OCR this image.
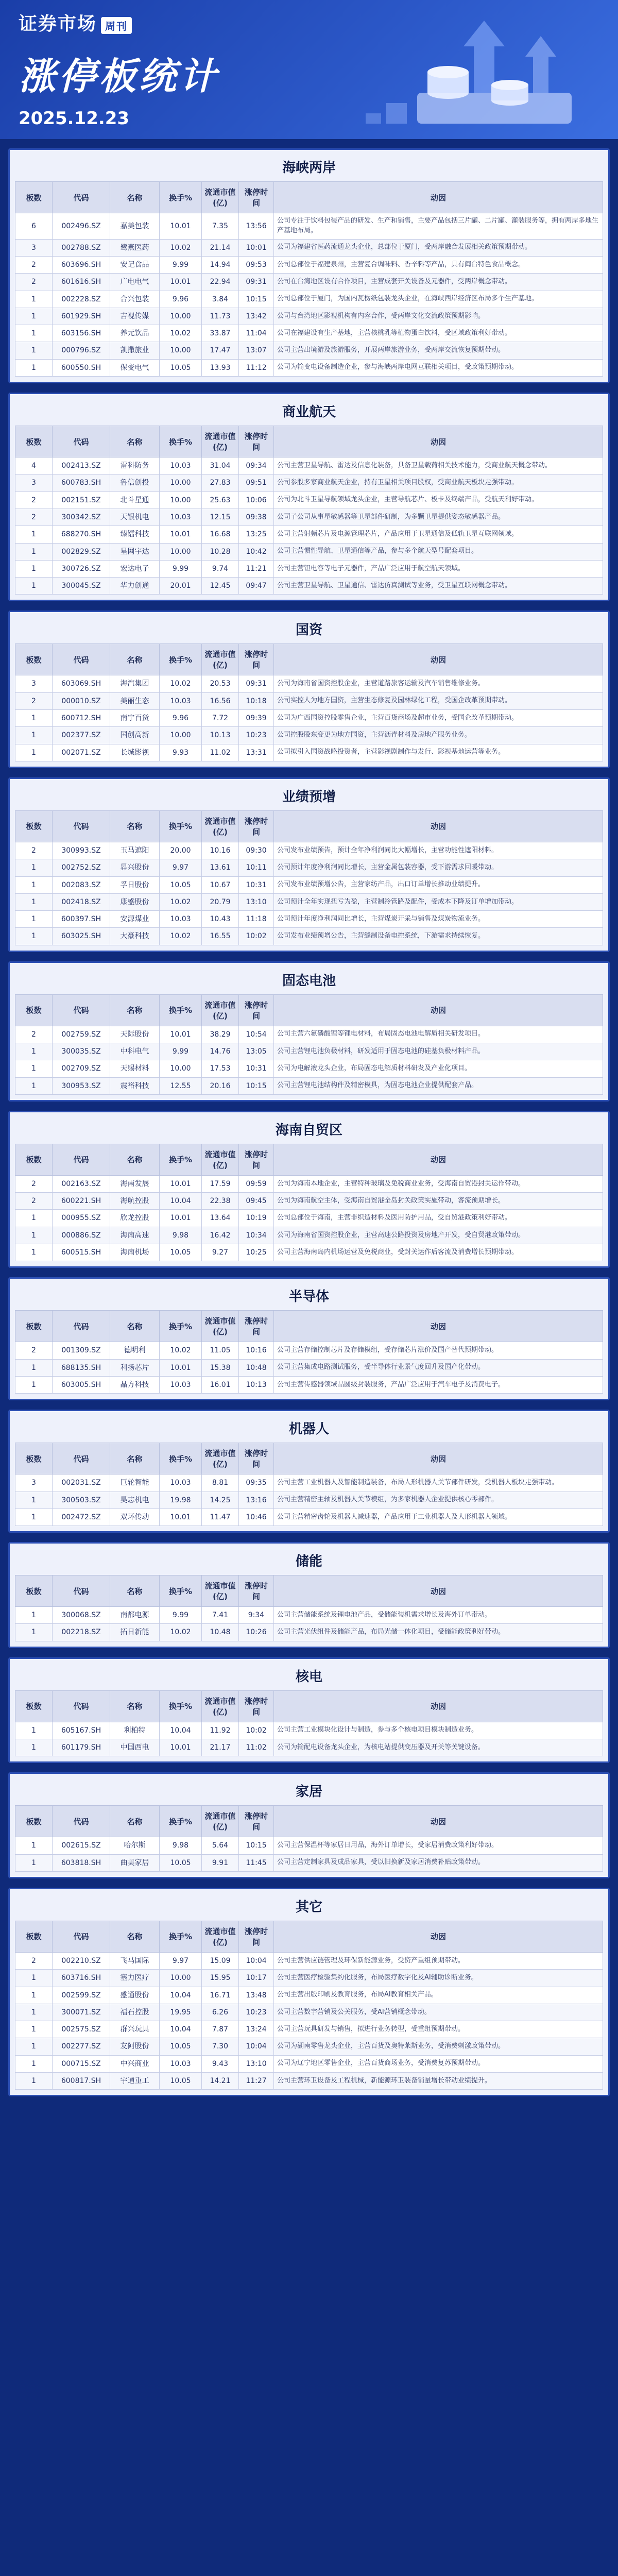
证券市场 周刊
涨停板统计
2025.12.23
海峡两岸
板数	代码	名称	换手%	流通市值(亿)	涨停时间	动因
6	002496.SZ	嘉美包装	10.01	7.35	13:56	公司专注于饮料包装产品的研发、生产和销售，主要产品包括三片罐、二片罐、灌装服务等，拥有两岸多地生产基地布局。
3	002788.SZ	鹭燕医药	10.02	21.14	10:01	公司为福建省医药流通龙头企业，总部位于厦门，受两岸融合发展相关政策预期带动。
2	603696.SH	安记食品	9.99	14.94	09:53	公司总部位于福建泉州，主营复合调味料、香辛料等产品，具有闽台特色食品概念。
2	601616.SH	广电电气	10.01	22.94	09:31	公司在台湾地区设有合作项目，主营成套开关设备及元器件，受两岸概念带动。
1	002228.SZ	合兴包装	9.96	3.84	10:15	公司总部位于厦门，为国内瓦楞纸包装龙头企业，在海峡西岸经济区布局多个生产基地。
1	601929.SH	吉视传媒	10.00	11.73	13:42	公司与台湾地区影视机构有内容合作，受两岸文化交流政策预期影响。
1	603156.SH	养元饮品	10.02	33.87	11:04	公司在福建设有生产基地，主营核桃乳等植物蛋白饮料，受区域政策利好带动。
1	000796.SZ	凯撒旅业	10.00	17.47	13:07	公司主营出境游及旅游服务，开展两岸旅游业务，受两岸交流恢复预期带动。
1	600550.SH	保变电气	10.05	13.93	11:12	公司为输变电设备制造企业，参与海峡两岸电网互联相关项目，受政策预期带动。
商业航天
板数	代码	名称	换手%	流通市值(亿)	涨停时间	动因
4	002413.SZ	雷科防务	10.03	31.04	09:34	公司主营卫星导航、雷达及信息化装备，具备卫星载荷相关技术能力，受商业航天概念带动。
3	600783.SH	鲁信创投	10.00	27.83	09:51	公司参股多家商业航天企业，持有卫星相关项目股权，受商业航天板块走强带动。
2	002151.SZ	北斗星通	10.00	25.63	10:06	公司为北斗卫星导航领域龙头企业，主营导航芯片、板卡及终端产品，受航天利好带动。
2	300342.SZ	天银机电	10.03	12.15	09:38	公司子公司从事星敏感器等卫星部件研制，为多颗卫星提供姿态敏感器产品。
1	688270.SH	臻镭科技	10.01	16.68	13:25	公司主营射频芯片及电源管理芯片，产品应用于卫星通信及低轨卫星互联网领域。
1	002829.SZ	星网宇达	10.00	10.28	10:42	公司主营惯性导航、卫星通信等产品，参与多个航天型号配套项目。
1	300726.SZ	宏达电子	9.99	9.74	11:21	公司主营钽电容等电子元器件，产品广泛应用于航空航天领域。
1	300045.SZ	华力创通	20.01	12.45	09:47	公司主营卫星导航、卫星通信、雷达仿真测试等业务，受卫星互联网概念带动。
国资
板数	代码	名称	换手%	流通市值(亿)	涨停时间	动因
3	603069.SH	海汽集团	10.02	20.53	09:31	公司为海南省国资控股企业，主营道路旅客运输及汽车销售维修业务。
2	000010.SZ	美丽生态	10.03	16.56	10:18	公司实控人为地方国资，主营生态修复及园林绿化工程，受国企改革预期带动。
1	600712.SH	南宁百货	9.96	7.72	09:39	公司为广西国资控股零售企业，主营百货商场及超市业务，受国企改革预期带动。
1	002377.SZ	国创高新	10.00	10.13	10:23	公司控股股东变更为地方国资，主营沥青材料及房地产服务业务。
1	002071.SZ	长城影视	9.93	11.02	13:31	公司拟引入国资战略投资者，主营影视剧制作与发行、影视基地运营等业务。
业绩预增
板数	代码	名称	换手%	流通市值(亿)	涨停时间	动因
2	300993.SZ	玉马遮阳	20.00	10.16	09:30	公司发布业绩预告，预计全年净利润同比大幅增长，主营功能性遮阳材料。
1	002752.SZ	昇兴股份	9.97	13.61	10:11	公司预计年度净利润同比增长，主营金属包装容器，受下游需求回暖带动。
1	002083.SZ	孚日股份	10.05	10.67	10:31	公司发布业绩预增公告，主营家纺产品，出口订单增长推动业绩提升。
1	002418.SZ	康盛股份	10.02	20.79	13:10	公司预计全年实现扭亏为盈，主营制冷管路及配件，受成本下降及订单增加带动。
1	600397.SH	安源煤业	10.03	10.43	11:18	公司预计年度净利润同比增长，主营煤炭开采与销售及煤炭物流业务。
1	603025.SH	大豪科技	10.02	16.55	10:02	公司发布业绩预增公告，主营缝制设备电控系统，下游需求持续恢复。
固态电池
板数	代码	名称	换手%	流通市值(亿)	涨停时间	动因
2	002759.SZ	天际股份	10.01	38.29	10:54	公司主营六氟磷酸锂等锂电材料，布局固态电池电解质相关研发项目。
1	300035.SZ	中科电气	9.99	14.76	13:05	公司主营锂电池负极材料，研发适用于固态电池的硅基负极材料产品。
1	002709.SZ	天赐材料	10.00	17.53	10:31	公司为电解液龙头企业，布局固态电解质材料研发及产业化项目。
1	300953.SZ	震裕科技	12.55	20.16	10:15	公司主营锂电池结构件及精密模具，为固态电池企业提供配套产品。
海南自贸区
板数	代码	名称	换手%	流通市值(亿)	涨停时间	动因
2	002163.SZ	海南发展	10.01	17.59	09:59	公司为海南本地企业，主营特种玻璃及免税商业业务，受海南自贸港封关运作带动。
2	600221.SH	海航控股	10.04	22.38	09:45	公司为海南航空主体，受海南自贸港全岛封关政策实施带动，客流预期增长。
1	000955.SZ	欣龙控股	10.01	13.64	10:19	公司总部位于海南，主营非织造材料及医用防护用品，受自贸港政策利好带动。
1	000886.SZ	海南高速	9.98	16.42	10:34	公司为海南省国资控股企业，主营高速公路投资及房地产开发，受自贸港政策带动。
1	600515.SH	海南机场	10.05	9.27	10:25	公司主营海南岛内机场运营及免税商业，受封关运作后客流及消费增长预期带动。
半导体
板数	代码	名称	换手%	流通市值(亿)	涨停时间	动因
2	001309.SZ	德明利	10.02	11.05	10:16	公司主营存储控制芯片及存储模组，受存储芯片涨价及国产替代预期带动。
1	688135.SH	利扬芯片	10.01	15.38	10:48	公司主营集成电路测试服务，受半导体行业景气度回升及国产化带动。
1	603005.SH	晶方科技	10.03	16.01	10:13	公司主营传感器领域晶圆级封装服务，产品广泛应用于汽车电子及消费电子。
机器人
板数	代码	名称	换手%	流通市值(亿)	涨停时间	动因
3	002031.SZ	巨轮智能	10.03	8.81	09:35	公司主营工业机器人及智能制造装备，布局人形机器人关节部件研发，受机器人板块走强带动。
1	300503.SZ	昊志机电	19.98	14.25	13:16	公司主营精密主轴及机器人关节模组，为多家机器人企业提供核心零部件。
1	002472.SZ	双环传动	10.01	11.47	10:46	公司主营精密齿轮及机器人减速器，产品应用于工业机器人及人形机器人领域。
储能
板数	代码	名称	换手%	流通市值(亿)	涨停时间	动因
1	300068.SZ	南都电源	9.99	7.41	9:34	公司主营储能系统及锂电池产品，受储能装机需求增长及海外订单带动。
1	002218.SZ	拓日新能	10.02	10.48	10:26	公司主营光伏组件及储能产品，布局光储一体化项目，受储能政策利好带动。
核电
板数	代码	名称	换手%	流通市值(亿)	涨停时间	动因
1	605167.SH	利柏特	10.04	11.92	10:02	公司主营工业模块化设计与制造，参与多个核电项目模块制造业务。
1	601179.SH	中国西电	10.01	21.17	11:02	公司为输配电设备龙头企业，为核电站提供变压器及开关等关键设备。
家居
板数	代码	名称	换手%	流通市值(亿)	涨停时间	动因
1	002615.SZ	哈尔斯	9.98	5.64	10:15	公司主营保温杯等家居日用品，海外订单增长，受家居消费政策利好带动。
1	603818.SH	曲美家居	10.05	9.91	11:45	公司主营定制家具及成品家具，受以旧换新及家居消费补贴政策带动。
其它
板数	代码	名称	换手%	流通市值(亿)	涨停时间	动因
2	002210.SZ	飞马国际	9.97	15.09	10:04	公司主营供应链管理及环保新能源业务，受资产重组预期带动。
1	603716.SH	塞力医疗	10.00	15.95	10:17	公司主营医疗检验集约化服务，布局医疗数字化及AI辅助诊断业务。
1	002599.SZ	盛通股份	10.04	16.71	13:48	公司主营出版印刷及教育服务，布局AI教育相关产品。
1	300071.SZ	福石控股	19.95	6.26	10:23	公司主营数字营销及公关服务，受AI营销概念带动。
1	002575.SZ	群兴玩具	10.04	7.87	13:24	公司主营玩具研发与销售，拟进行业务转型，受重组预期带动。
1	002277.SZ	友阿股份	10.05	7.30	10:04	公司为湖南零售龙头企业，主营百货及奥特莱斯业务，受消费刺激政策带动。
1	000715.SZ	中兴商业	10.03	9.43	13:10	公司为辽宁地区零售企业，主营百货商场业务，受消费复苏预期带动。
1	600817.SH	宇通重工	10.05	14.21	11:27	公司主营环卫设备及工程机械，新能源环卫装备销量增长带动业绩提升。
